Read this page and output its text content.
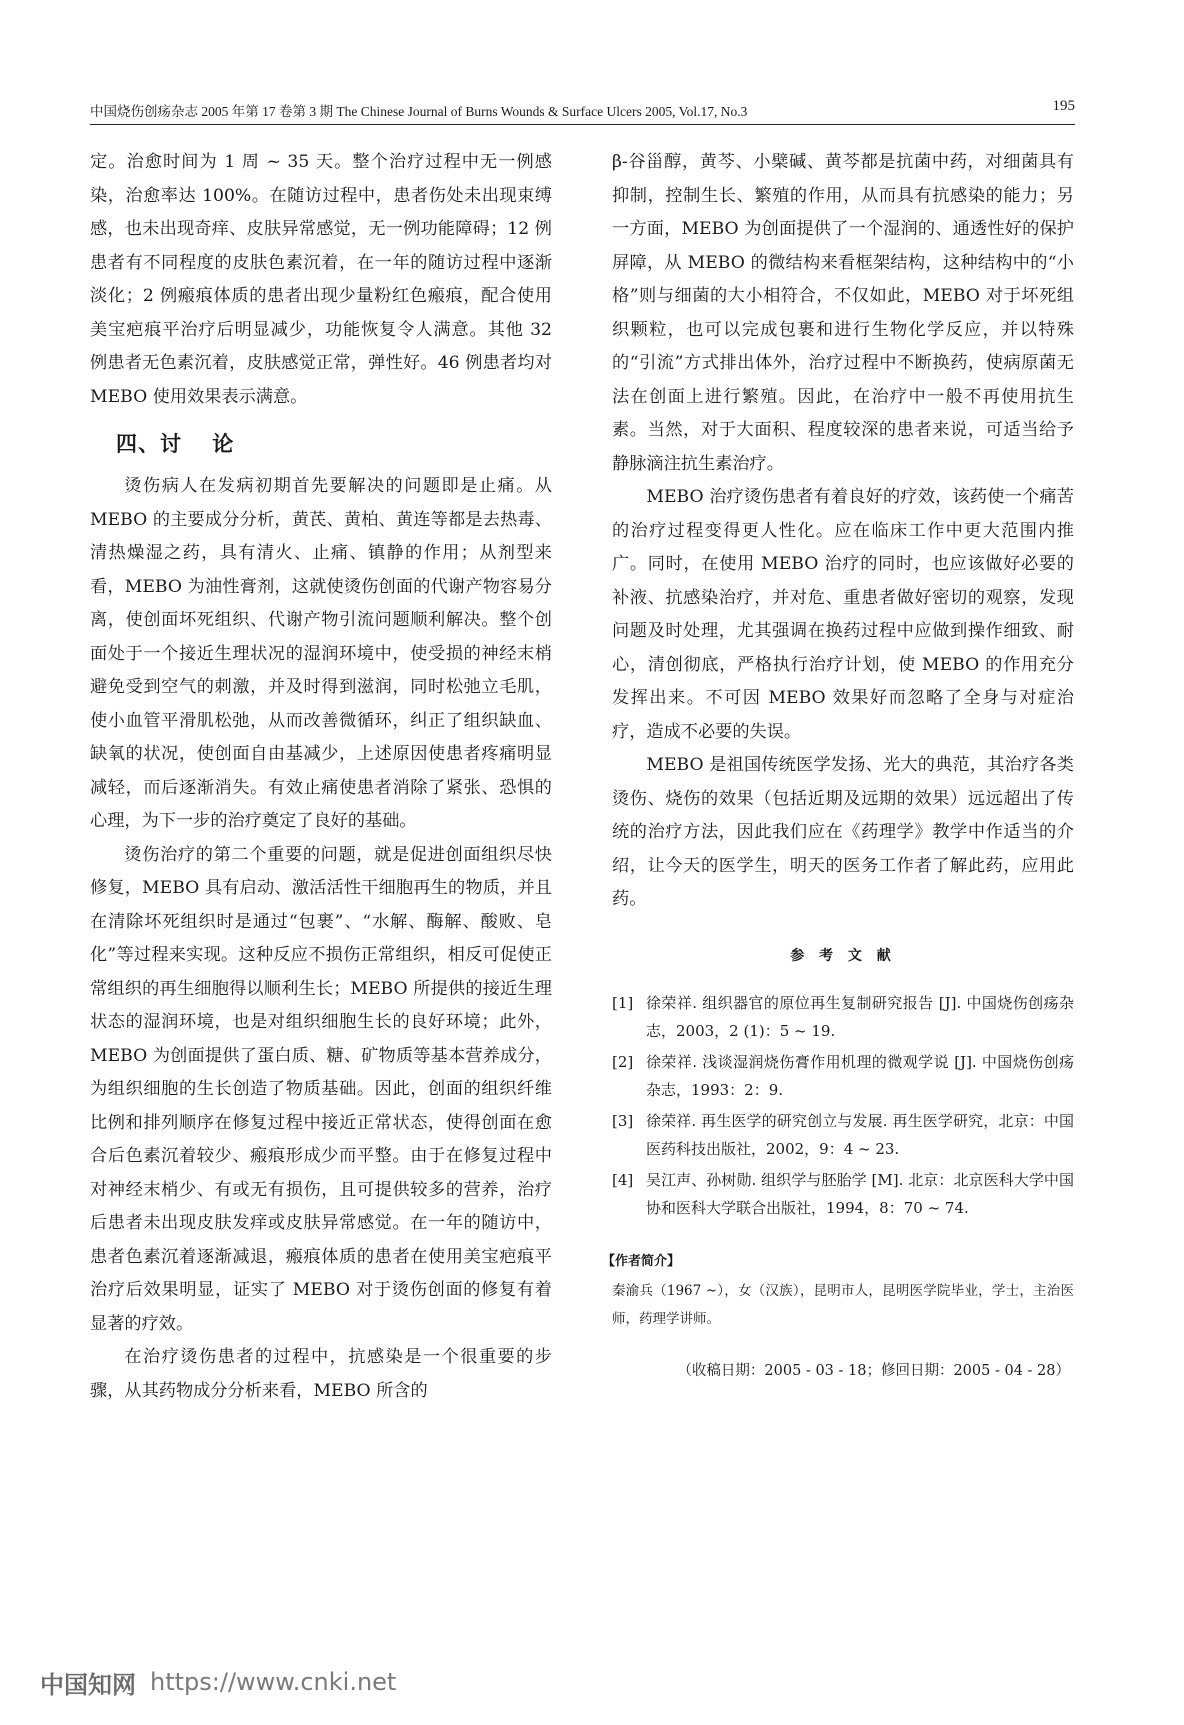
中国烧伤创疡杂志 2005 年第 17 卷第 3 期 The Chinese Journal of Burns Wounds & Surface Ulcers 2005, Vol.17, No.3	195

定。治愈时间为 1 周 ~ 35 天。整个治疗过程中无一例感染，治愈率达 100%。在随访过程中，患者伤处未出现束缚感，也未出现奇痒、皮肤异常感觉，无一例功能障碍；12 例患者有不同程度的皮肤色素沉着，在一年的随访过程中逐渐淡化；2 例瘢痕体质的患者出现少量粉红色瘢痕，配合使用美宝疤痕平治疗后明显减少，功能恢复令人满意。其他 32 例患者无色素沉着，皮肤感觉正常，弹性好。46 例患者均对 MEBO 使用效果表示满意。

四、讨 论

烫伤病人在发病初期首先要解决的问题即是止痛。从 MEBO 的主要成分分析，黄芪、黄柏、黄连等都是去热毒、清热燥湿之药，具有清火、止痛、镇静的作用；从剂型来看，MEBO 为油性膏剂，这就使烫伤创面的代谢产物容易分离，使创面坏死组织、代谢产物引流问题顺利解决。整个创面处于一个接近生理状况的湿润环境中，使受损的神经末梢避免受到空气的刺激，并及时得到滋润，同时松弛立毛肌，使小血管平滑肌松弛，从而改善微循环，纠正了组织缺血、缺氧的状况，使创面自由基减少，上述原因使患者疼痛明显减轻，而后逐渐消失。有效止痛使患者消除了紧张、恐惧的心理，为下一步的治疗奠定了良好的基础。

烫伤治疗的第二个重要的问题，就是促进创面组织尽快修复，MEBO 具有启动、激活活性干细胞再生的物质，并且在清除坏死组织时是通过“包裹”、“水解、酶解、酸败、皂化”等过程来实现。这种反应不损伤正常组织，相反可促使正常组织的再生细胞得以顺利生长；MEBO 所提供的接近生理状态的湿润环境，也是对组织细胞生长的良好环境；此外，MEBO 为创面提供了蛋白质、糖、矿物质等基本营养成分，为组织细胞的生长创造了物质基础。因此，创面的组织纤维比例和排列顺序在修复过程中接近正常状态，使得创面在愈合后色素沉着较少、瘢痕形成少而平整。由于在修复过程中对神经末梢少、有或无有损伤，且可提供较多的营养，治疗后患者未出现皮肤发痒或皮肤异常感觉。在一年的随访中，患者色素沉着逐渐减退，瘢痕体质的患者在使用美宝疤痕平治疗后效果明显，证实了 MEBO 对于烫伤创面的修复有着显著的疗效。

在治疗烫伤患者的过程中，抗感染是一个很重要的步骤，从其药物成分分析来看，MEBO 所含的

β-谷甾醇，黄芩、小檗碱、黄芩都是抗菌中药，对细菌具有抑制，控制生长、繁殖的作用，从而具有抗感染的能力；另一方面，MEBO 为创面提供了一个湿润的、通透性好的保护屏障，从 MEBO 的微结构来看框架结构，这种结构中的“小格”则与细菌的大小相符合，不仅如此，MEBO 对于坏死组织颗粒，也可以完成包裹和进行生物化学反应，并以特殊的“引流”方式排出体外，治疗过程中不断换药，使病原菌无法在创面上进行繁殖。因此，在治疗中一般不再使用抗生素。当然，对于大面积、程度较深的患者来说，可适当给予静脉滴注抗生素治疗。

MEBO 治疗烫伤患者有着良好的疗效，该药使一个痛苦的治疗过程变得更人性化。应在临床工作中更大范围内推广。同时，在使用 MEBO 治疗的同时，也应该做好必要的补液、抗感染治疗，并对危、重患者做好密切的观察，发现问题及时处理，尤其强调在换药过程中应做到操作细致、耐心，清创彻底，严格执行治疗计划，使 MEBO 的作用充分发挥出来。不可因 MEBO 效果好而忽略了全身与对症治疗，造成不必要的失误。

MEBO 是祖国传统医学发扬、光大的典范，其治疗各类烫伤、烧伤的效果（包括近期及远期的效果）远远超出了传统的治疗方法，因此我们应在《药理学》教学中作适当的介绍，让今天的医学生，明天的医务工作者了解此药，应用此药。

参 考 文 献
[1] 徐荣祥. 组织器官的原位再生复制研究报告 [J]. 中国烧伤创疡杂志，2003，2 (1)：5 ~ 19.
[2] 徐荣祥. 浅谈湿润烧伤膏作用机理的微观学说 [J]. 中国烧伤创疡杂志，1993：2：9.
[3] 徐荣祥. 再生医学的研究创立与发展. 再生医学研究，北京：中国医药科技出版社，2002，9：4 ~ 23.
[4] 吴江声、孙树勋. 组织学与胚胎学 [M]. 北京：北京医科大学中国协和医科大学联合出版社，1994，8：70 ~ 74.
【作者简介】

秦渝兵（1967 ~），女（汉族），昆明市人，昆明医学院毕业，学士，主治医师，药理学讲师。

（收稿日期：2005 - 03 - 18；修回日期：2005 - 04 - 28）
中国知网 https://www.cnki.net
